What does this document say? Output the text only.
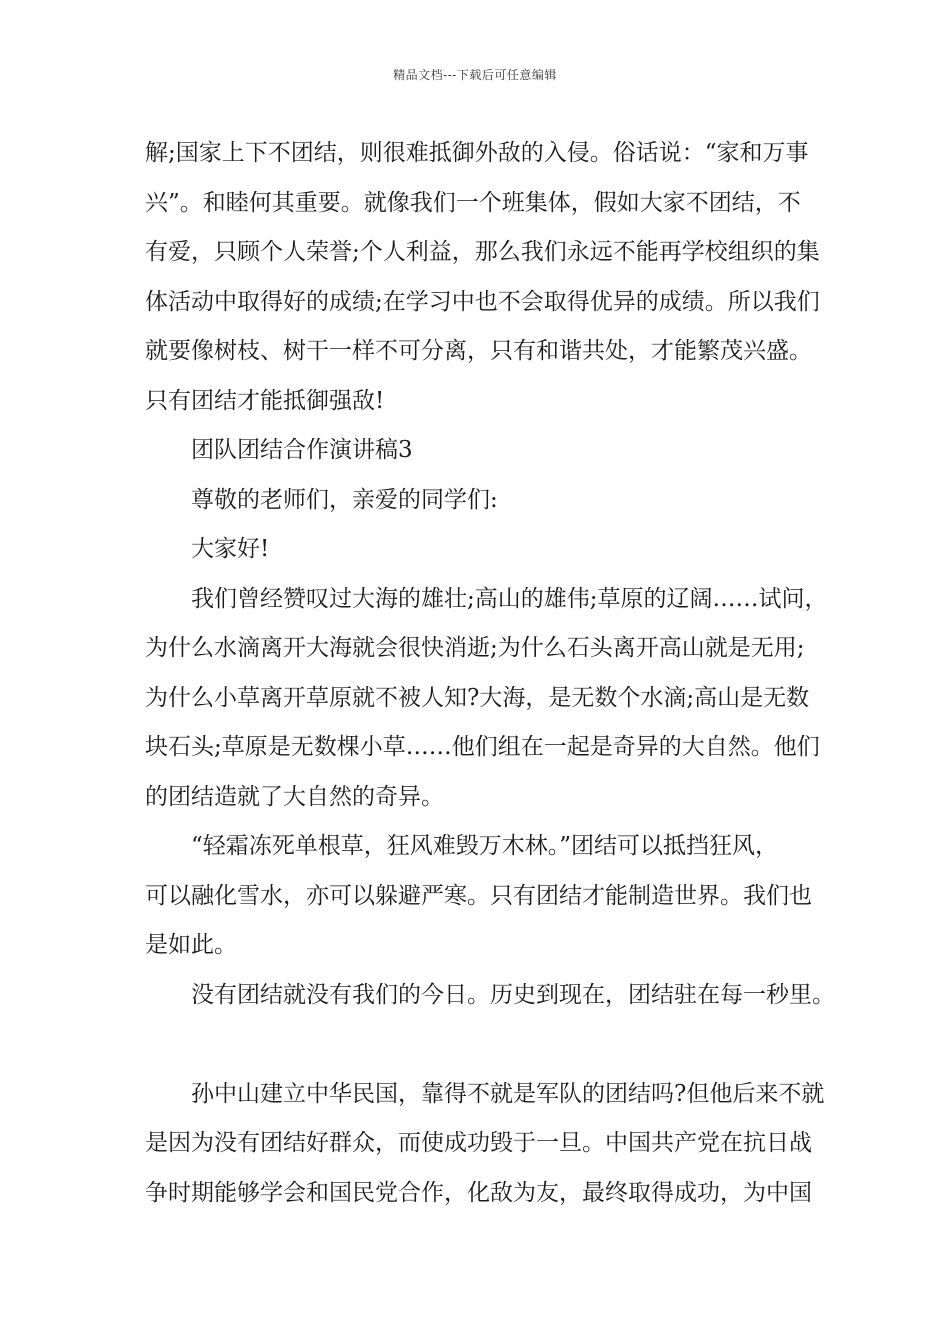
精品文档---下载后可任意编辑
解;国家上下不团结，则很难抵御外敌的入侵。俗话说：“家和万事
兴”。和睦何其重要。就像我们一个班集体，假如大家不团结，不
有爱，只顾个人荣誉;个人利益，那么我们永远不能再学校组织的集
体活动中取得好的成绩;在学习中也不会取得优异的成绩。所以我们
就要像树枝、树干一样不可分离，只有和谐共处，才能繁茂兴盛。
只有团结才能抵御强敌!
团队团结合作演讲稿3
尊敬的老师们，亲爱的同学们:
大家好!
我们曾经赞叹过大海的雄壮;高山的雄伟;草原的辽阔……试问，
为什么水滴离开大海就会很快消逝;为什么石头离开高山就是无用;
为什么小草离开草原就不被人知?大海，是无数个水滴;高山是无数
块石头;草原是无数棵小草……他们组在一起是奇异的大自然。他们
的团结造就了大自然的奇异。
“轻霜冻死单根草，狂风难毁万木林。”团结可以抵挡狂风，
可以融化雪水，亦可以躲避严寒。只有团结才能制造世界。我们也
是如此。
没有团结就没有我们的今日。历史到现在，团结驻在每一秒里。
孙中山建立中华民国，靠得不就是军队的团结吗?但他后来不就
是因为没有团结好群众，而使成功毁于一旦。中国共产党在抗日战
争时期能够学会和国民党合作，化敌为友，最终取得成功，为中国
